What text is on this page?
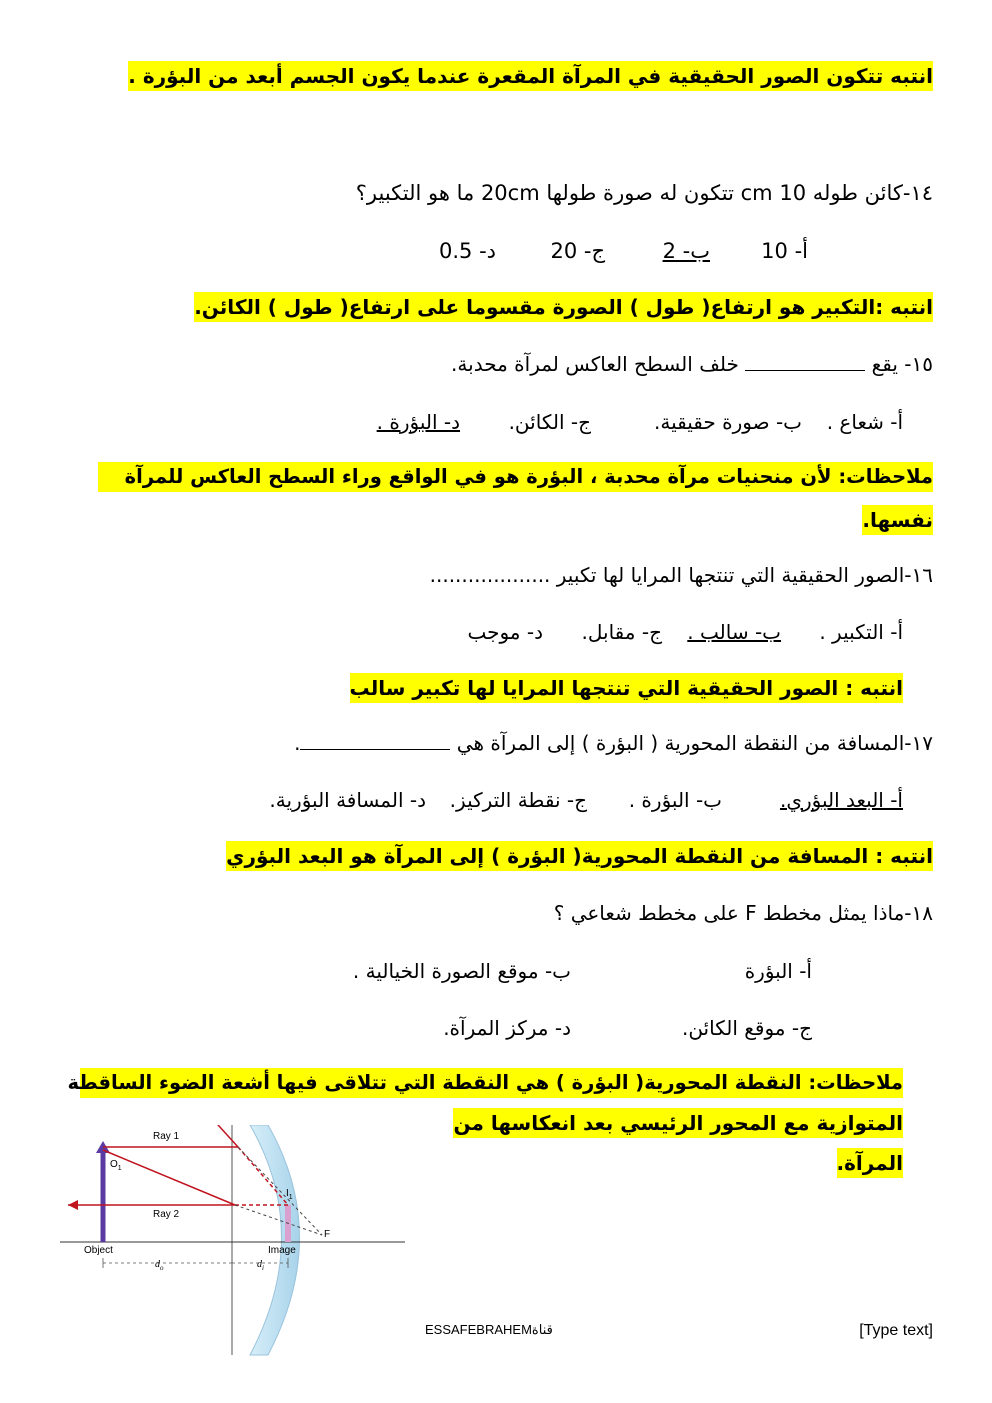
انتبه تتكون الصور الحقيقية في المرآة المقعرة عندما يكون الجسم أبعد من البؤرة .
١٤-كائن طوله 10 cm تتكون له صورة طولها 20cm ما هو التكبير؟
أ- 10
ب- 2
ج- 20
د- 0.5
انتبه :التكبير هو ارتفاع( طول ) الصورة مقسوما على ارتفاع( طول ) الكائن.
١٥- يقع  خلف السطح العاكس لمرآة محدبة.
أ- شعاع .
ب- صورة حقيقية.
ج- الكائن.
د- البؤرة .
ملاحظات: لأن منحنيات مرآة محدبة ، البؤرة هو في الواقع وراء السطح العاكس للمرآة
نفسها.
١٦-الصور الحقيقية التي تنتجها المرايا لها تكبير ...................
أ- التكبير .
ب- سالب .
ج- مقابل.
د- موجب
انتبه : الصور الحقيقية التي تنتجها المرايا لها تكبير سالب
١٧-المسافة من النقطة المحورية ( البؤرة ) إلى المرآة هي .
أ- البعد البؤري.
ب- البؤرة .
ج- نقطة التركيز.
د- المسافة البؤرية.
انتبه : المسافة من النقطة المحورية( البؤرة ) إلى المرآة هو البعد البؤري
١٨-ماذا يمثل مخطط F على مخطط شعاعي ؟
أ- البؤرة
ب- موقع الصورة الخيالية .
ج- موقع الكائن.
د- مركز المرآة.
ملاحظات: النقطة المحورية( البؤرة ) هي النقطة التي تتلاقى فيها أشعة الضوء الساقطة
المتوازية مع المحور الرئيسي بعد انعكاسها من
المرآة.
Ray 1
Ray 2
$O_1$
$I_1$
F
Object	Image
$d_o$	$d_i$
ESSAFEBRAHEMقناة	[Type text]
